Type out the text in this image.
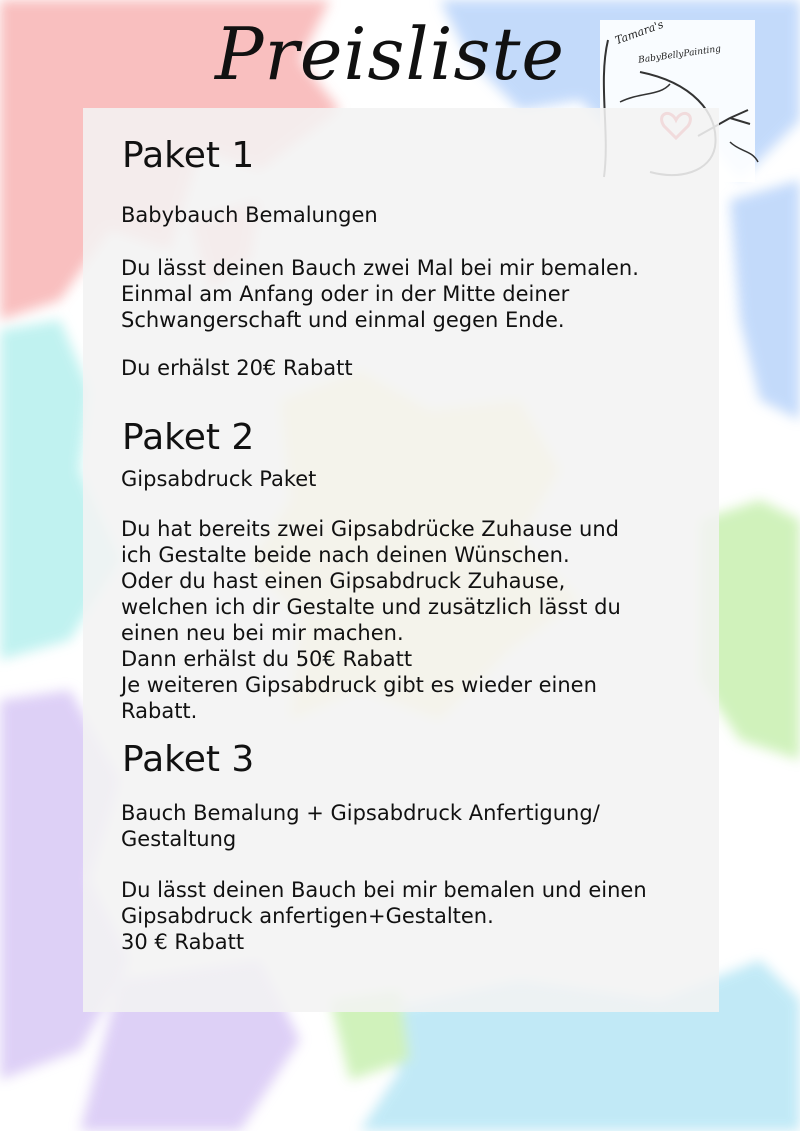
Preisliste	Tamara's
BabyBellyPainting
Paket 1

Babybauch Bemalungen

Du lässt deinen Bauch zwei Mal bei mir bemalen.
Einmal am Anfang oder in der Mitte deiner
Schwangerschaft und einmal gegen Ende.

Du erhälst 20€ Rabatt

Paket 2

Gipsabdruck Paket

Du hat bereits zwei Gipsabdrücke Zuhause und
ich Gestalte beide nach deinen Wünschen.
Oder du hast einen Gipsabdruck Zuhause,
welchen ich dir Gestalte und zusätzlich lässt du
einen neu bei mir machen.
Dann erhälst du 50€ Rabatt
Je weiteren Gipsabdruck gibt es wieder einen
Rabatt.

Paket 3

Bauch Bemalung + Gipsabdruck Anfertigung/
Gestaltung

Du lässt deinen Bauch bei mir bemalen und einen
Gipsabdruck anfertigen+Gestalten.
30 € Rabatt
